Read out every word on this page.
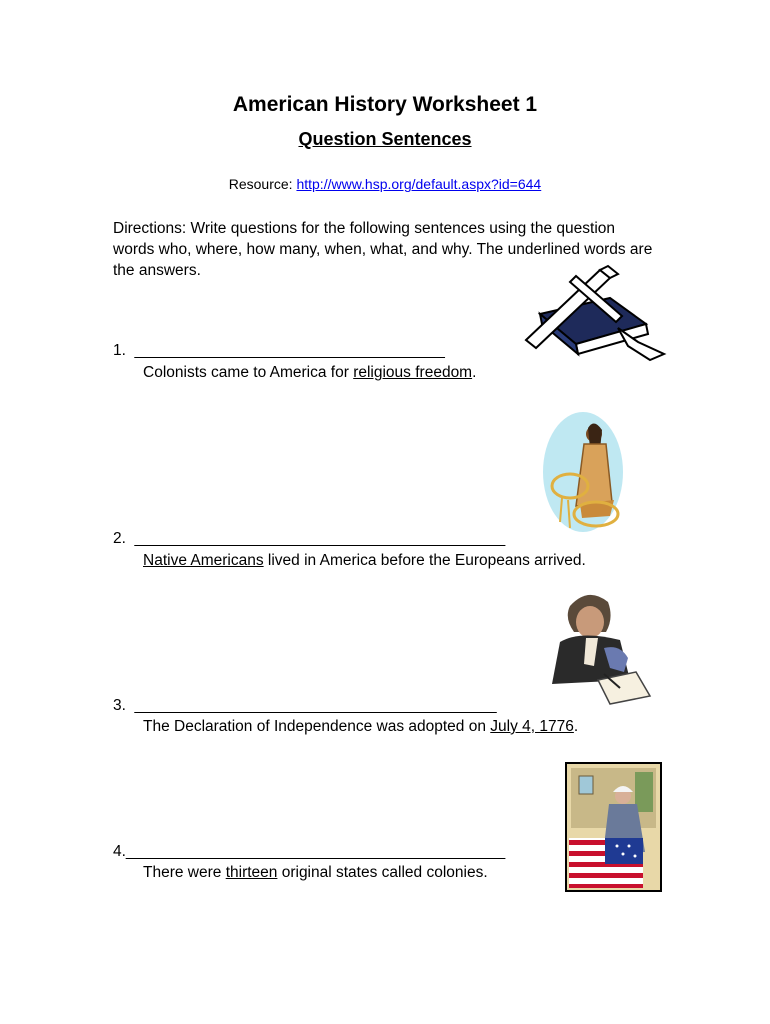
American History Worksheet 1
Question Sentences
Resource: http://www.hsp.org/default.aspx?id=644
Directions: Write questions for the following sentences using the question words who, where, how many, when, what, and why. The underlined words are the answers.
1.  ____________________________________
Colonists came to America for religious freedom.
2.  ___________________________________________
Native Americans lived in America before the Europeans arrived.
3.  __________________________________________
The Declaration of Independence was adopted on July 4, 1776.
4.____________________________________________
There were thirteen original states called colonies.
